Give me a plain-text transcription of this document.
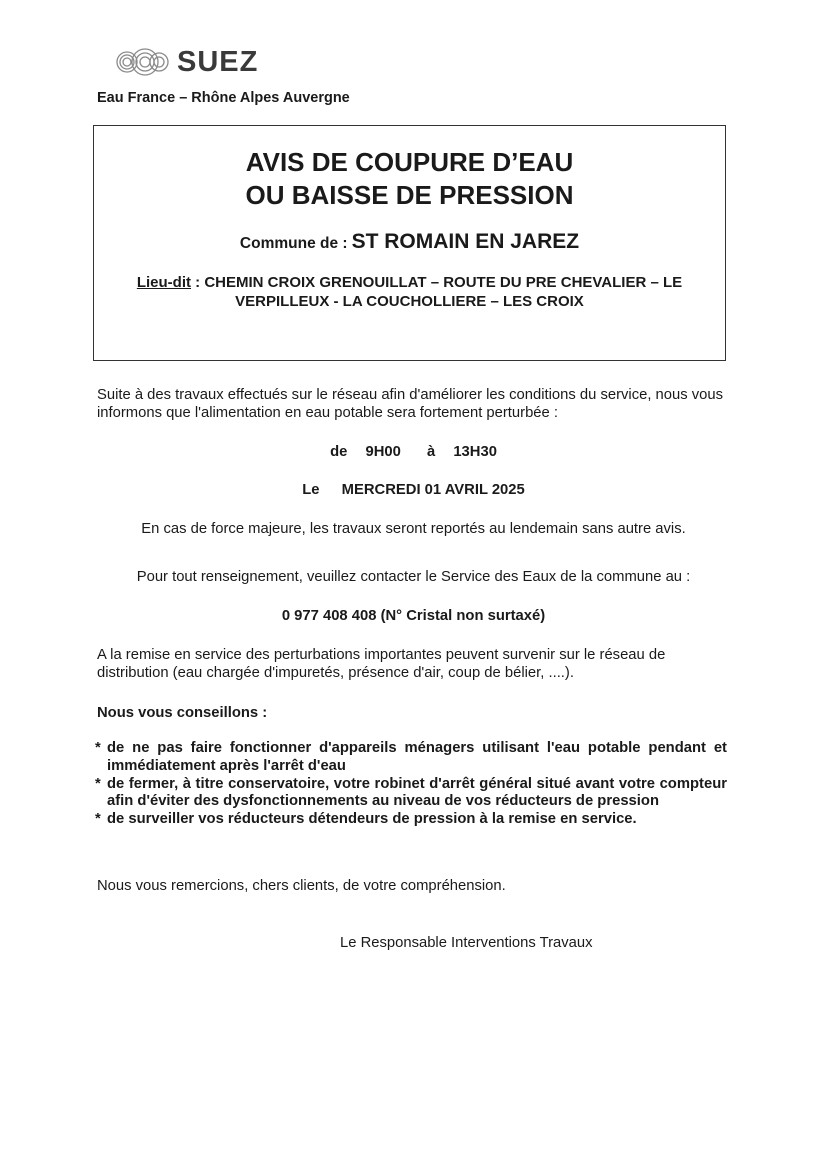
SUEZ
Eau France – Rhône Alpes Auvergne
AVIS DE COUPURE D’EAU
OU BAISSE DE PRESSION
Commune de : ST ROMAIN EN JAREZ
Lieu-dit : CHEMIN CROIX GRENOUILLAT – ROUTE DU PRE CHEVALIER – LE VERPILLEUX - LA COUCHOLLIERE – LES CROIX

Suite à des travaux effectués sur le réseau afin d'améliorer les conditions du service, nous vous informons que l'alimentation en eau potable sera fortement perturbée :

de 9H00 à 13H30

Le MERCREDI 01 AVRIL 2025

En cas de force majeure, les travaux seront reportés au lendemain sans autre avis.

Pour tout renseignement, veuillez contacter le Service des Eaux de la commune au :

0 977 408 408 (N° Cristal non surtaxé)

A la remise en service des perturbations importantes peuvent survenir sur le réseau de distribution (eau chargée d'impuretés, présence d'air, coup de bélier, ....).

Nous vous conseillons :

* de ne pas faire fonctionner d'appareils ménagers utilisant l'eau potable pendant et immédiatement après l'arrêt d'eau

* de fermer, à titre conservatoire, votre robinet d'arrêt général situé avant votre compteur afin d'éviter des dysfonctionnements au niveau de vos réducteurs de pression

* de surveiller vos réducteurs détendeurs de pression à la remise en service.

Nous vous remercions, chers clients, de votre compréhension.

Le Responsable Interventions Travaux
